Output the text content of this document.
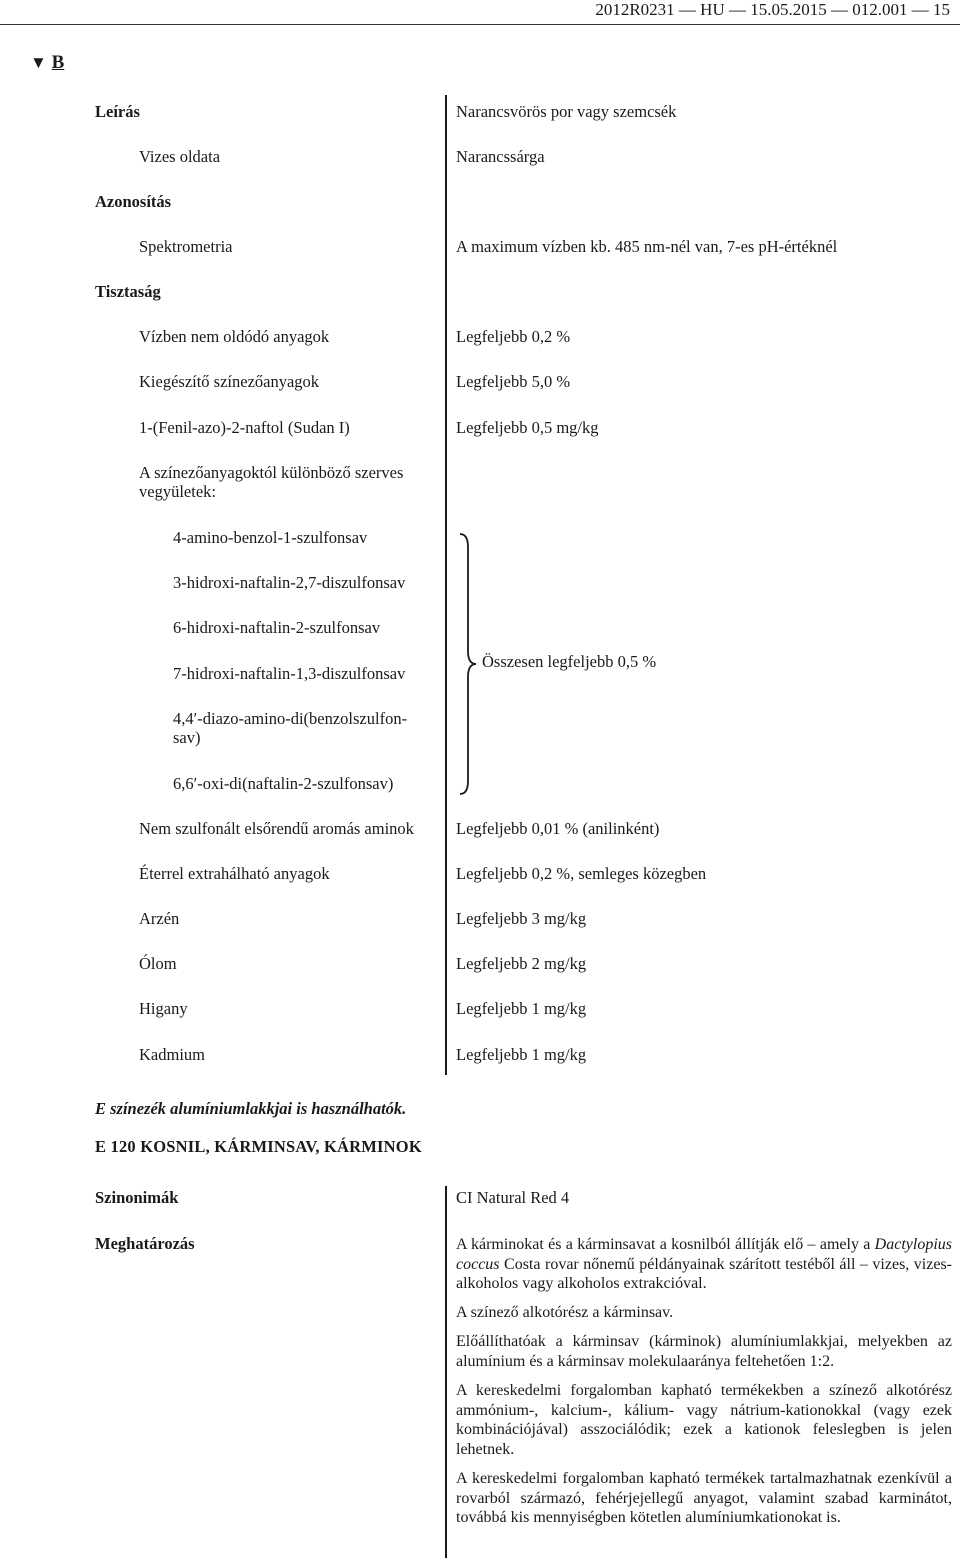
2012R0231 — HU — 15.05.2015 — 012.001 — 15
▼ B
Leírás	Narancsvörös por vagy szemcsék
Vizes oldata	Narancssárga
Azonosítás
Spektrometria	A maximum vízben kb. 485 nm-nél van, 7-es pH-értéknél
Tisztaság
Vízben nem oldódó anyagok	Legfeljebb 0,2 %
Kiegészítő színezőanyagok	Legfeljebb 5,0 %
1-(Fenil-azo)-2-naftol (Sudan I)	Legfeljebb 0,5 mg/kg
A színezőanyagoktól különböző szerves
vegyületek:
4-amino-benzol-1-szulfonsav
3-hidroxi-naftalin-2,7-diszulfonsav
6-hidroxi-naftalin-2-szulfonsav
7-hidroxi-naftalin-1,3-diszulfonsav
4,4′-diazo-amino-di(benzolszulfon-
sav)
6,6′-oxi-di(naftalin-2-szulfonsav)
Összesen legfeljebb 0,5 %
Nem szulfonált elsőrendű aromás aminok	Legfeljebb 0,01 % (anilinként)
Éterrel extrahálható anyagok	Legfeljebb 0,2 %, semleges közegben
Arzén	Legfeljebb 3 mg/kg
Ólom	Legfeljebb 2 mg/kg
Higany	Legfeljebb 1 mg/kg
Kadmium	Legfeljebb 1 mg/kg
E színezék alumíniumlakkjai is használhatók.
E 120 KOSNIL, KÁRMINSAV, KÁRMINOK
Szinonimák	CI Natural Red 4
Meghatározás	A kárminokat és a kárminsavat a kosnilból állítják elő – amely a Dactylopius coccus Costa rovar nőnemű példányainak szárított testéből áll – vizes, vizes-alkoholos vagy alkoholos extrakcióval.
A színező alkotórész a kárminsav.
Előállíthatóak a kárminsav (kárminok) alumíniumlakkjai, melyekben az alumínium és a kárminsav molekulaaránya feltehetően 1:2.
A kereskedelmi forgalomban kapható termékekben a színező alkotórész ammónium-, kalcium-, kálium- vagy nátrium-kationokkal (vagy ezek kombinációjával) asszociálódik; ezek a kationok feleslegben is jelen lehetnek.
A kereskedelmi forgalomban kapható termékek tartalmazhatnak ezenkívül a rovarból származó, fehérjejellegű anyagot, valamint szabad karminátot, továbbá kis mennyiségben kötetlen alumíniumkationokat is.
